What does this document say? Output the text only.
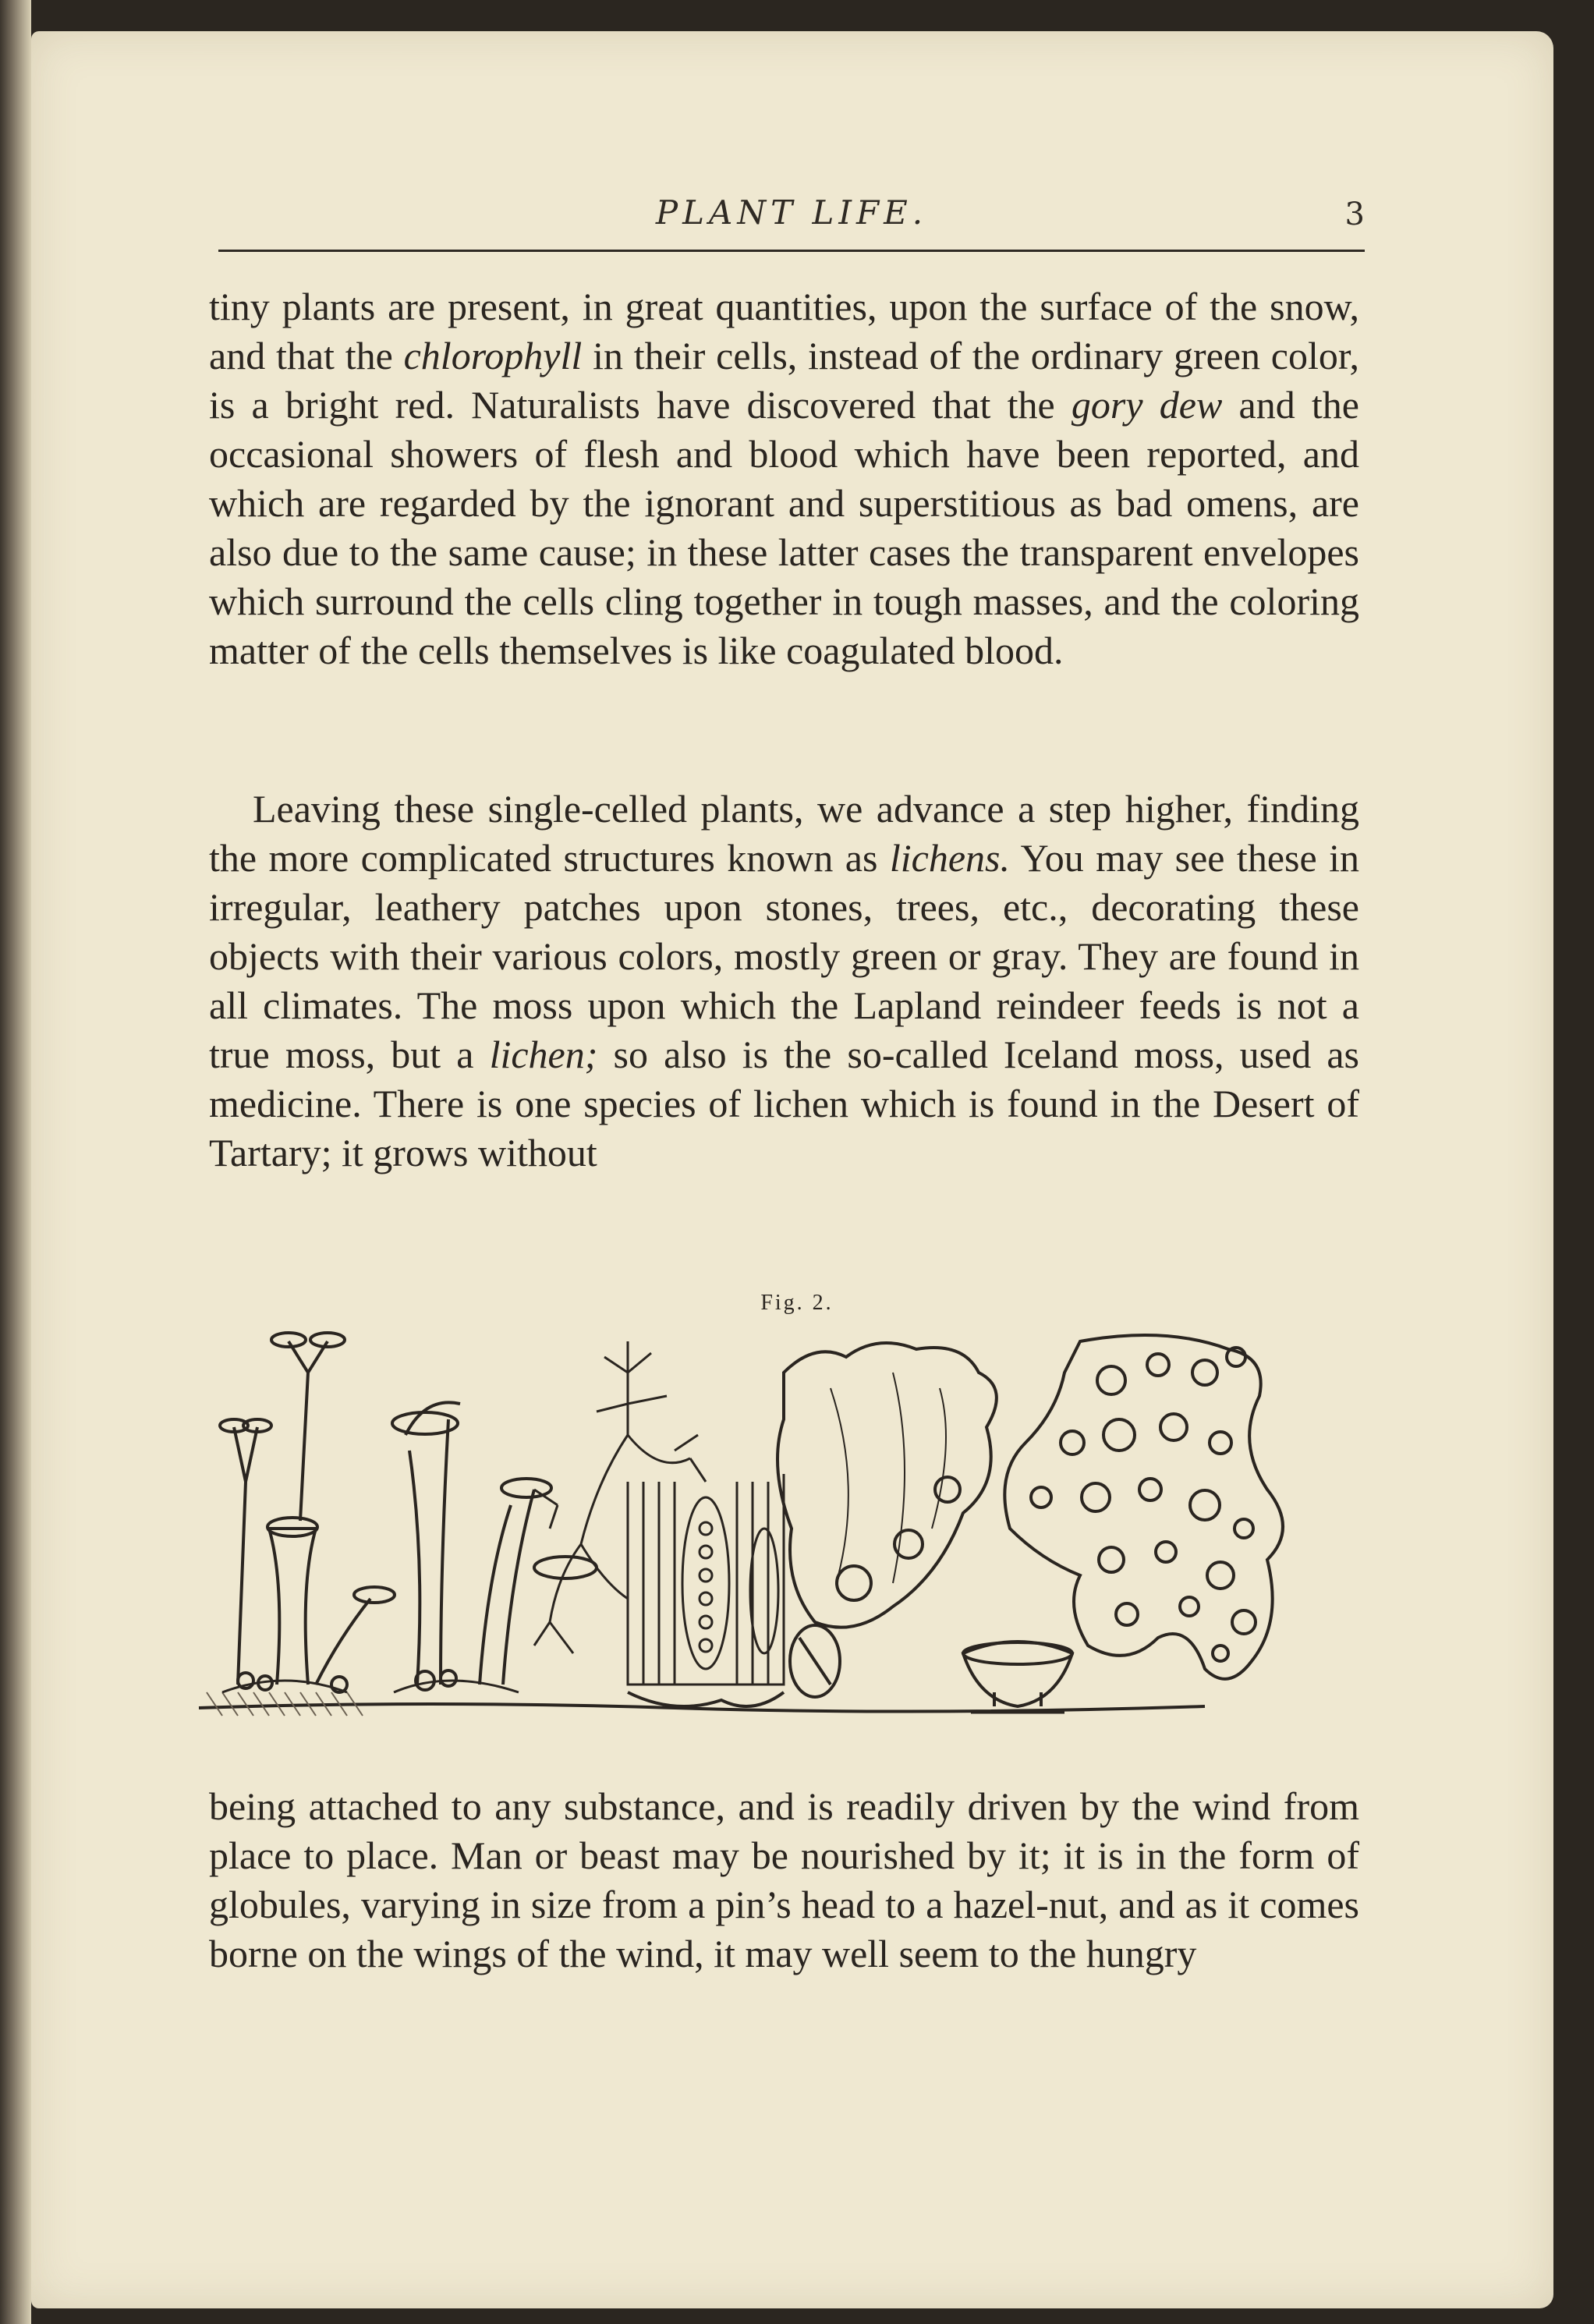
PLANT LIFE.	3

tiny plants are present, in great quantities, upon the surface of the snow, and that the chlorophyll in their cells, instead of the ordinary green color, is a bright red. Naturalists have discovered that the gory dew and the occasional showers of flesh and blood which have been reported, and which are regarded by the ignorant and superstitious as bad omens, are also due to the same cause; in these latter cases the transparent envelopes which surround the cells cling together in tough masses, and the coloring matter of the cells themselves is like coagulated blood.

Leaving these single-celled plants, we advance a step higher, finding the more complicated structures known as lichens. You may see these in irregular, leathery patches upon stones, trees, etc., decorating these objects with their various colors, mostly green or gray. They are found in all climates. The moss upon which the Lapland reindeer feeds is not a true moss, but a lichen; so also is the so-called Iceland moss, used as medicine. There is one species of lichen which is found in the Desert of Tartary; it grows without

Fig. 2.

being attached to any substance, and is readily driven by the wind from place to place. Man or beast may be nourished by it; it is in the form of globules, varying in size from a pin’s head to a hazel-nut, and as it comes borne on the wings of the wind, it may well seem to the hungry
